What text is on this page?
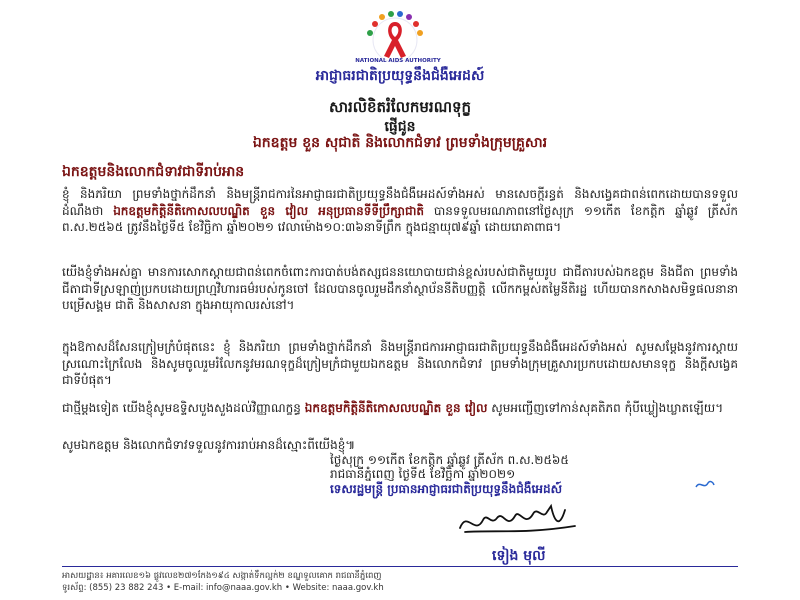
NATIONAL AIDS AUTHORITY
អាជ្ញាធរជាតិប្រយុទ្ធនឹងជំងឺអេដស៍
សារលិខិតរំលែកមរណទុក្ខ
ផ្ញើជូន
ឯកឧត្តម ខួន សុជាតិ និងលោកជំទាវ ព្រមទាំងក្រុមគ្រួសារ
ឯកឧត្តមនិងលោកជំទាវជាទីរាប់អាន
ខ្ញុំ និងភរិយា ព្រមទាំងថ្នាក់ដឹកនាំ និងមន្ត្រីរាជការនៃអាជ្ញាធរជាតិប្រយុទ្ធនឹងជំងឺអេដស៍ទាំងអស់ មានសេចក្តីរន្ធត់ និងសង្វេគជាពន់ពេកដោយបានទទួលដំណឹងថា ឯកឧត្តមកិត្តិនីតិកោសលបណ្ឌិត ខួន វៀល អនុប្រធានទីទីប្រឹក្សាជាតិ បានទទួលមរណភាពនៅថ្ងៃសុក្រ ១១កើត ខែកត្តិក ឆ្នាំឆ្លូវ ត្រីស័ក ព.ស.២៥៦៥ ត្រូវនឹងថ្ងៃទី៥ ខែវិច្ឆិកា ឆ្នាំ២០២១ វេលាម៉ោង១០:៣៦នាទីព្រឹក ក្នុងជន្មាយុ៧៩ឆ្នាំ ដោយរោគាពាធ។
យើងខ្ញុំទាំងអស់គ្នា មានការសោកស្តាយជាពន់ពេកចំពោះការបាត់បង់តស្សជននយោបាយជាន់ខ្ពស់របស់ជាតិមួយរូប ជាជីតារបស់ឯកឧត្តម និងជីតា ព្រមទាំងជីតាជាទីស្រឡាញ់ប្រកបដោយព្រហ្មវិហារធម៌របស់កូនចៅ ដែលបានចូលរួមដឹកនាំស្ថាប័ននីតិបញ្ញត្តិ លើកកម្ពស់តម្លៃនីតិរដ្ឋ ហើយបានកសាងសមិទ្ធផលនានាបម្រើសង្គម ជាតិ និងសាសនា ក្នុងអាយុកាលរស់នៅ។
ក្នុងឱកាសដ៏សែនក្រៀមក្រំបំផុតនេះ ខ្ញុំ និងភរិយា ព្រមទាំងថ្នាក់ដឹកនាំ និងមន្ត្រីរាជការអាជ្ញាធរជាតិប្រយុទ្ធនឹងជំងឺអេដស៍ទាំងអស់ សូមសម្តែងនូវការស្តាយស្រណោះក្រៃលែង និងសូមចូលរួមរំលែកនូវមរណទុក្ខដ៏ក្រៀមក្រំជាមួយឯកឧត្តម និងលោកជំទាវ ព្រមទាំងក្រុមគ្រួសារប្រកបដោយសមានទុក្ខ និងក្តីសង្វេគជាទីបំផុត។
ជាថ្មីម្តងទៀត យើងខ្ញុំសូមឧទ្ទិសបួងសួងដល់វិញ្ញាណក្ខន្ធ ឯកឧត្តមកិត្តិនីតិកោសលបណ្ឌិត ខួន វៀល សូមអញ្ជើញទៅកាន់សុគតិភព កុំបីឃ្លៀងឃ្លាតឡើយ។
សូមឯកឧត្តម និងលោកជំទាវទទួលនូវការរាប់អានដ៏ស្មោះពីយើងខ្ញុំ៕
ថ្ងៃសុក្រ ១១កើត ខែកត្តិក ឆ្នាំឆ្លូវ ត្រីស័ក ព.ស.២៥៦៥
រាជធានីភ្នំពេញ ថ្ងៃទី៥ ខែវិច្ឆិកា ឆ្នាំ២០២១
ទេសរដ្ឋមន្ត្រី ប្រធានអាជ្ញាធរជាតិប្រយុទ្ធនឹងជំងឺអេដស៍
ទៀង មុលី
អាសយដ្ឋាន៖ អគារលេខ១៦ ផ្លូវលេខ២៧១កែង១៩៤ សង្កាត់ទឹកល្អក់២ ខណ្ឌទួលគោក រាជធានីភ្នំពេញ
ទូរស័ព្ទ: (855) 23 882 243 • E-mail: info@naaa.gov.kh • Website: naaa.gov.kh
